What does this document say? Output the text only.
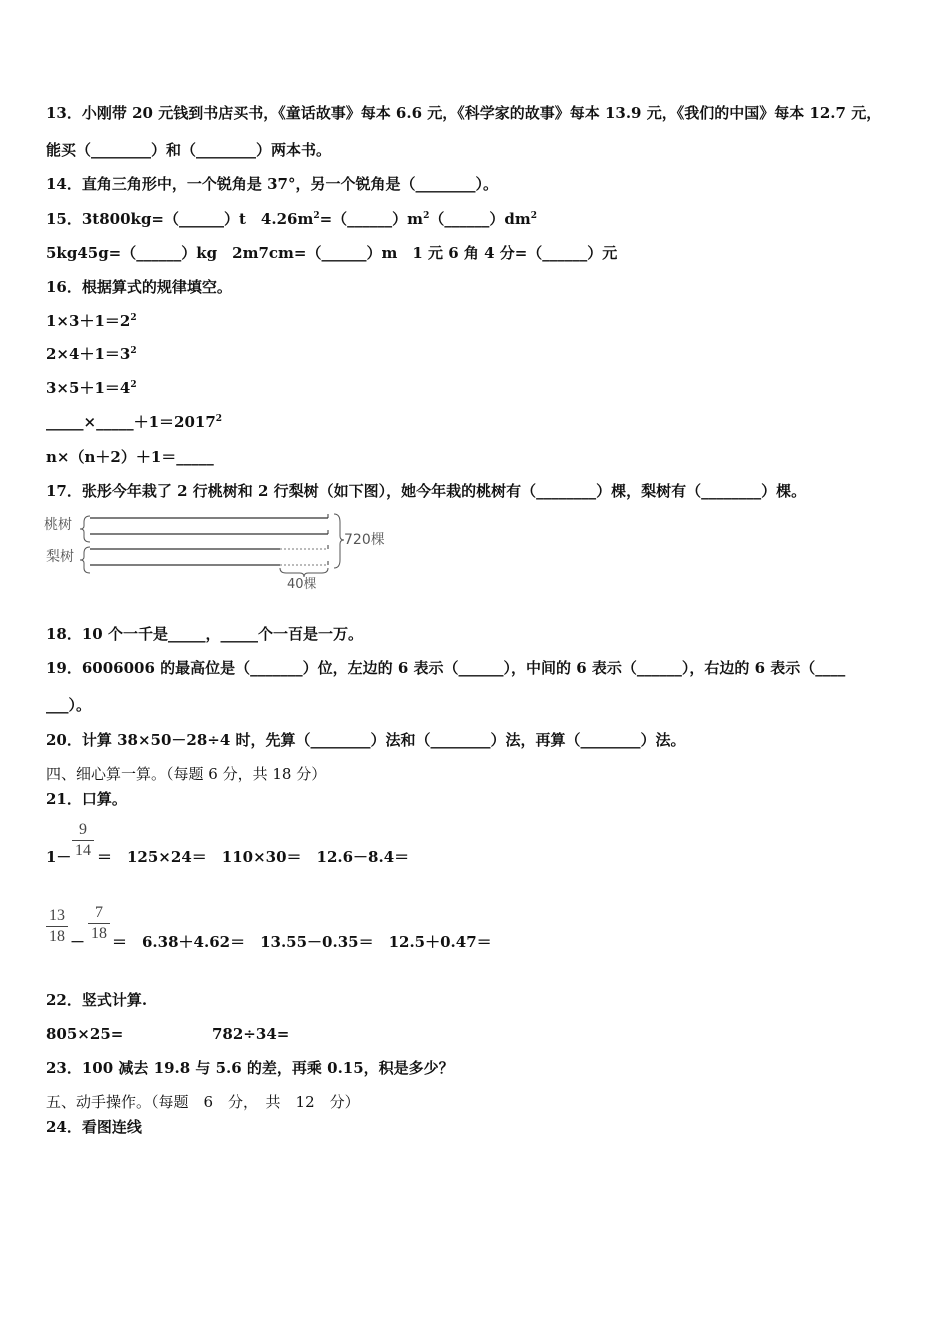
13．小刚带 20 元钱到书店买书，《童话故事》每本 6.6 元，《科学家的故事》每本 13.9 元，《我们的中国》每本 12.7 元，
能买（________）和（________）两本书。
14．直角三角形中，一个锐角是 37°，另一个锐角是（________）。
15．3t800kg=（______）t　$4.26m^2=(\_\_\_\_\_\_)m^2(\_\_\_\_\_\_)dm^2$
5kg45g=（______）kg　2m7cm=（______）m　1 元 6 角 4 分=（______）元
16．根据算式的规律填空。
$1\times 3+1=2^2$
$2\times 4+1=3^2$
$3\times 5+1=4^2$
$\_\_\_\_\_\times\_\_\_\_\_+1=2017^2$
n×（n＋2）＋1＝_____
17．张彤今年栽了 2 行桃树和 2 行梨树（如下图），她今年栽的桃树有（________）棵，梨树有（________）棵。
桃树
梨树
720棵
40棵
18．10 个一千是_____，_____个一百是一万。
19．6006006 的最高位是（_______）位，左边的 6 表示（______），中间的 6 表示（______），右边的 6 表示（____
___）。
20．计算 38×50－28÷4 时，先算（________）法和（________）法，再算（________）法。
四、细心算一算。（每题 6 分，共 18 分）
21．口算。
1－
9
14 ＝　125×24＝　110×30＝　12.6－8.4＝
13
18 －
7
18 ＝　6.38＋4.62＝　13.55－0.35＝　12.5＋0.47＝
22．竖式计算.
805×25=	782÷34=
23．100 减去 19.8 与 5.6 的差，再乘 0.15，积是多少？
五、动手操作。（每题　6　分，　共　12　分）
24．看图连线
